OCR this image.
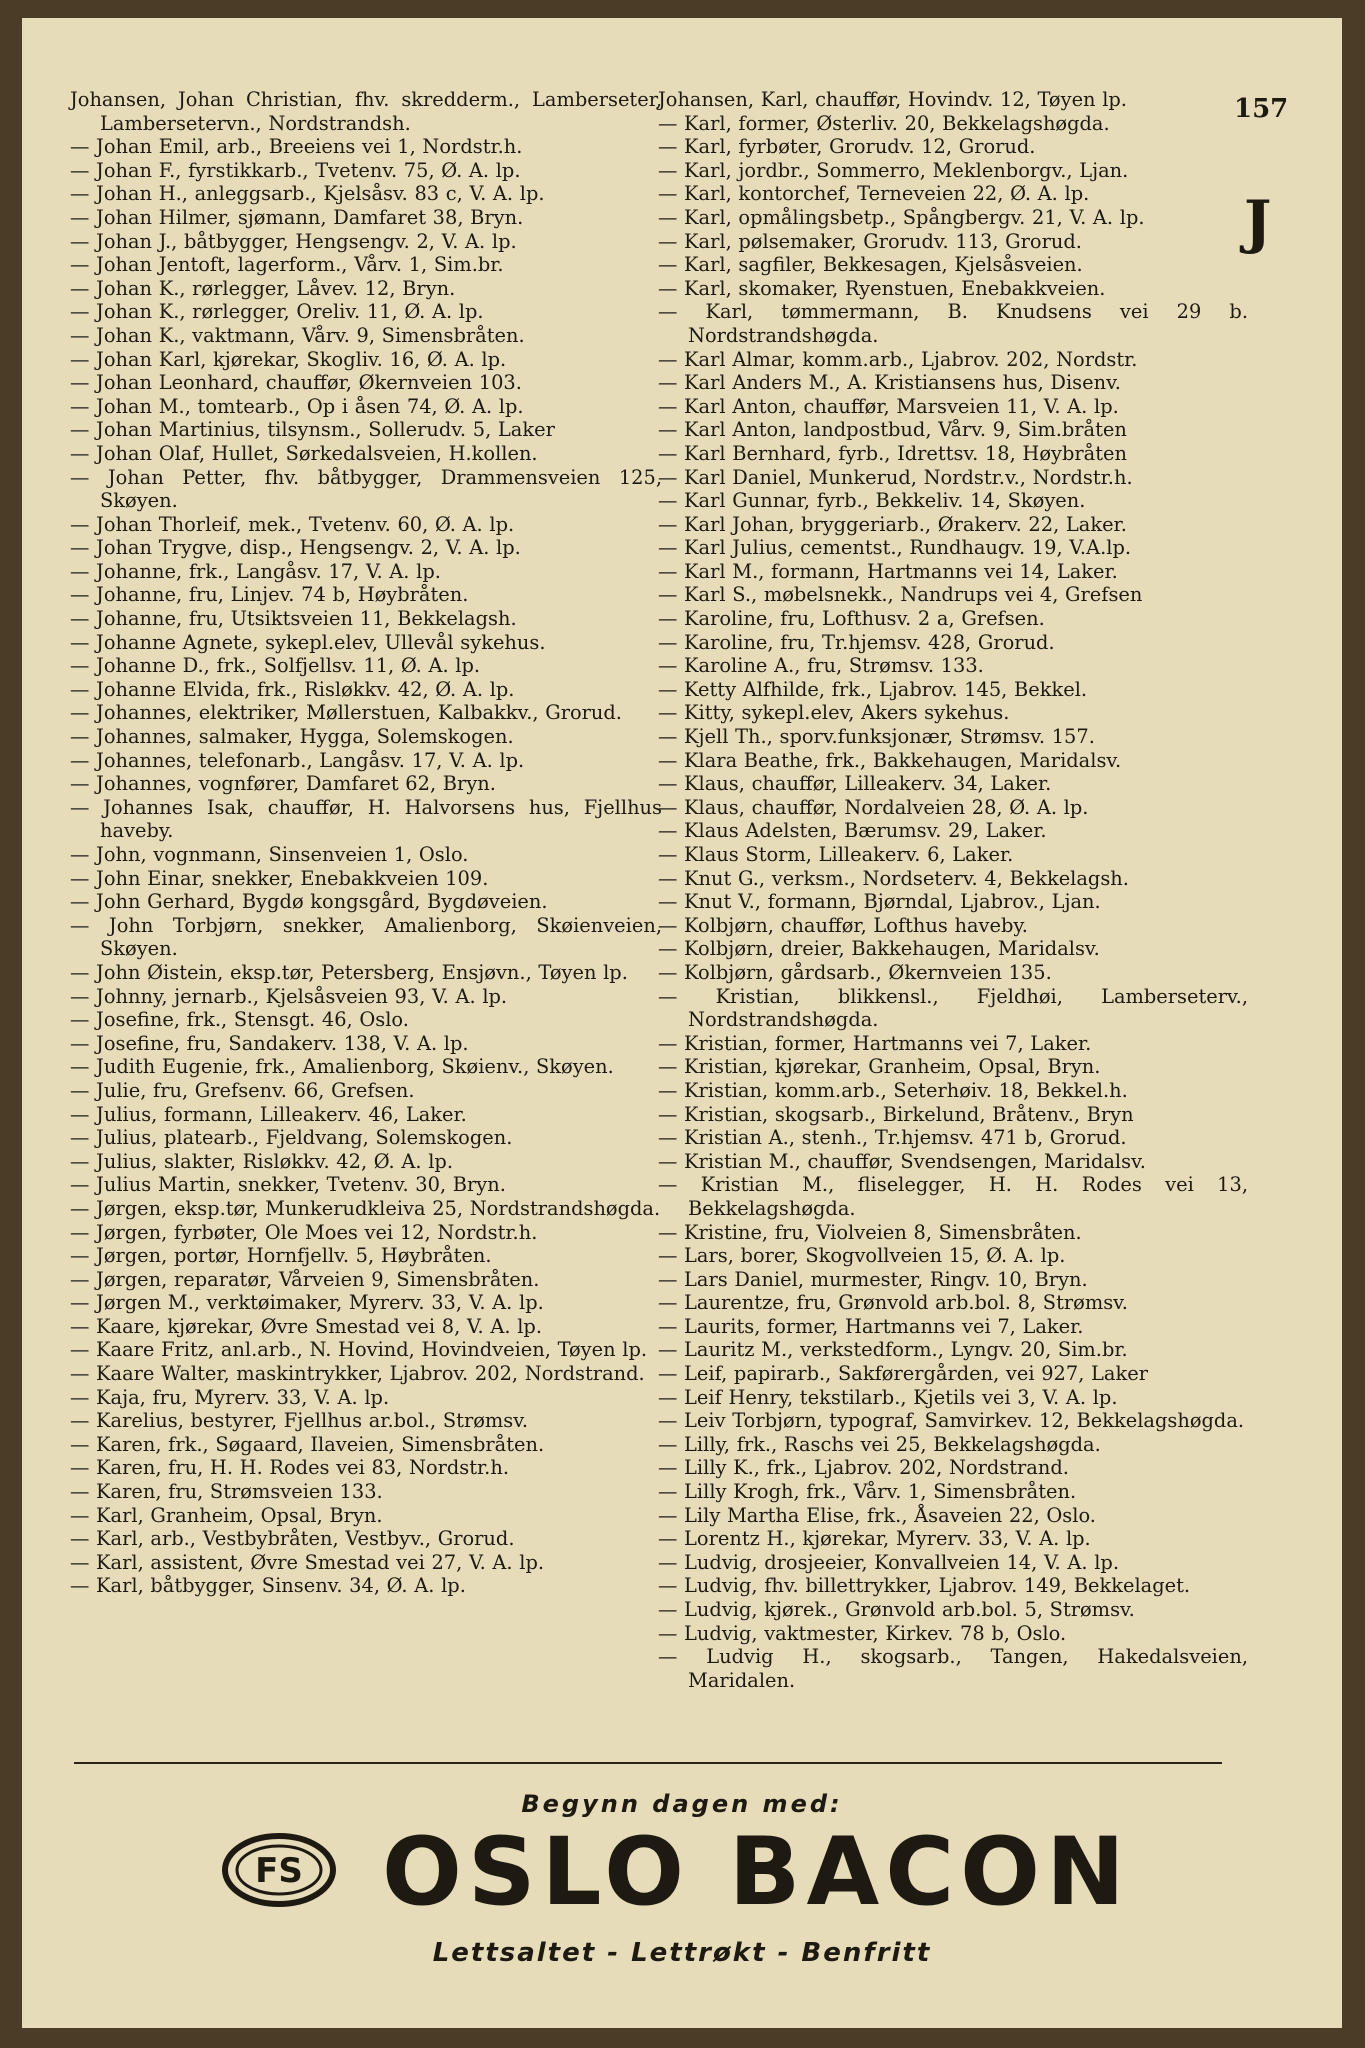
157
J
Johansen, Johan Christian, fhv. skredderm., Lamberseter, Lambersetervn., Nordstrandsh.
— Johan Emil, arb., Breeiens vei 1, Nordstr.h.
— Johan F., fyrstikkarb., Tvetenv. 75, Ø. A. lp.
— Johan H., anleggsarb., Kjelsåsv. 83 c, V. A. lp.
— Johan Hilmer, sjømann, Damfaret 38, Bryn.
— Johan J., båtbygger, Hengsengv. 2, V. A. lp.
— Johan Jentoft, lagerform., Vårv. 1, Sim.br.
— Johan K., rørlegger, Låvev. 12, Bryn.
— Johan K., rørlegger, Oreliv. 11, Ø. A. lp.
— Johan K., vaktmann, Vårv. 9, Simensbråten.
— Johan Karl, kjørekar, Skogliv. 16, Ø. A. lp.
— Johan Leonhard, chauffør, Økernveien 103.
— Johan M., tomtearb., Op i åsen 74, Ø. A. lp.
— Johan Martinius, tilsynsm., Sollerudv. 5, Laker
— Johan Olaf, Hullet, Sørkedalsveien, H.kollen.
— Johan Petter, fhv. båtbygger, Drammensveien 125, Skøyen.
— Johan Thorleif, mek., Tvetenv. 60, Ø. A. lp.
— Johan Trygve, disp., Hengsengv. 2, V. A. lp.
— Johanne, frk., Langåsv. 17, V. A. lp.
— Johanne, fru, Linjev. 74 b, Høybråten.
— Johanne, fru, Utsiktsveien 11, Bekkelagsh.
— Johanne Agnete, sykepl.elev, Ullevål sykehus.
— Johanne D., frk., Solfjellsv. 11, Ø. A. lp.
— Johanne Elvida, frk., Risløkkv. 42, Ø. A. lp.
— Johannes, elektriker, Møllerstuen, Kalbakkv., Grorud.
— Johannes, salmaker, Hygga, Solemskogen.
— Johannes, telefonarb., Langåsv. 17, V. A. lp.
— Johannes, vognfører, Damfaret 62, Bryn.
— Johannes Isak, chauffør, H. Halvorsens hus, Fjellhus haveby.
— John, vognmann, Sinsenveien 1, Oslo.
— John Einar, snekker, Enebakkveien 109.
— John Gerhard, Bygdø kongsgård, Bygdøveien.
— John Torbjørn, snekker, Amalienborg, Skøienveien, Skøyen.
— John Øistein, eksp.tør, Petersberg, Ensjøvn., Tøyen lp.
— Johnny, jernarb., Kjelsåsveien 93, V. A. lp.
— Josefine, frk., Stensgt. 46, Oslo.
— Josefine, fru, Sandakerv. 138, V. A. lp.
— Judith Eugenie, frk., Amalienborg, Skøienv., Skøyen.
— Julie, fru, Grefsenv. 66, Grefsen.
— Julius, formann, Lilleakerv. 46, Laker.
— Julius, platearb., Fjeldvang, Solemskogen.
— Julius, slakter, Risløkkv. 42, Ø. A. lp.
— Julius Martin, snekker, Tvetenv. 30, Bryn.
— Jørgen, eksp.tør, Munkerudkleiva 25, Nordstrandshøgda.
— Jørgen, fyrbøter, Ole Moes vei 12, Nordstr.h.
— Jørgen, portør, Hornfjellv. 5, Høybråten.
— Jørgen, reparatør, Vårveien 9, Simensbråten.
— Jørgen M., verktøimaker, Myrerv. 33, V. A. lp.
— Kaare, kjørekar, Øvre Smestad vei 8, V. A. lp.
— Kaare Fritz, anl.arb., N. Hovind, Hovindveien, Tøyen lp.
— Kaare Walter, maskintrykker, Ljabrov. 202, Nordstrand.
— Kaja, fru, Myrerv. 33, V. A. lp.
— Karelius, bestyrer, Fjellhus ar.bol., Strømsv.
— Karen, frk., Søgaard, Ilaveien, Simensbråten.
— Karen, fru, H. H. Rodes vei 83, Nordstr.h.
— Karen, fru, Strømsveien 133.
— Karl, Granheim, Opsal, Bryn.
— Karl, arb., Vestbybråten, Vestbyv., Grorud.
— Karl, assistent, Øvre Smestad vei 27, V. A. lp.
— Karl, båtbygger, Sinsenv. 34, Ø. A. lp.
Johansen, Karl, chauffør, Hovindv. 12, Tøyen lp.
— Karl, former, Østerliv. 20, Bekkelagshøgda.
— Karl, fyrbøter, Grorudv. 12, Grorud.
— Karl, jordbr., Sommerro, Meklenborgv., Ljan.
— Karl, kontorchef, Terneveien 22, Ø. A. lp.
— Karl, opmålingsbetp., Spångbergv. 21, V. A. lp.
— Karl, pølsemaker, Grorudv. 113, Grorud.
— Karl, sagfiler, Bekkesagen, Kjelsåsveien.
— Karl, skomaker, Ryenstuen, Enebakkveien.
— Karl, tømmermann, B. Knudsens vei 29 b. Nordstrandshøgda.
— Karl Almar, komm.arb., Ljabrov. 202, Nordstr.
— Karl Anders M., A. Kristiansens hus, Disenv.
— Karl Anton, chauffør, Marsveien 11, V. A. lp.
— Karl Anton, landpostbud, Vårv. 9, Sim.bråten
— Karl Bernhard, fyrb., Idrettsv. 18, Høybråten
— Karl Daniel, Munkerud, Nordstr.v., Nordstr.h.
— Karl Gunnar, fyrb., Bekkeliv. 14, Skøyen.
— Karl Johan, bryggeriarb., Ørakerv. 22, Laker.
— Karl Julius, cementst., Rundhaugv. 19, V.A.lp.
— Karl M., formann, Hartmanns vei 14, Laker.
— Karl S., møbelsnekk., Nandrups vei 4, Grefsen
— Karoline, fru, Lofthusv. 2 a, Grefsen.
— Karoline, fru, Tr.hjemsv. 428, Grorud.
— Karoline A., fru, Strømsv. 133.
— Ketty Alfhilde, frk., Ljabrov. 145, Bekkel.
— Kitty, sykepl.elev, Akers sykehus.
— Kjell Th., sporv.funksjonær, Strømsv. 157.
— Klara Beathe, frk., Bakkehaugen, Maridalsv.
— Klaus, chauffør, Lilleakerv. 34, Laker.
— Klaus, chauffør, Nordalveien 28, Ø. A. lp.
— Klaus Adelsten, Bærumsv. 29, Laker.
— Klaus Storm, Lilleakerv. 6, Laker.
— Knut G., verksm., Nordseterv. 4, Bekkelagsh.
— Knut V., formann, Bjørndal, Ljabrov., Ljan.
— Kolbjørn, chauffør, Lofthus haveby.
— Kolbjørn, dreier, Bakkehaugen, Maridalsv.
— Kolbjørn, gårdsarb., Økernveien 135.
— Kristian, blikkensl., Fjeldhøi, Lamberseterv., Nordstrandshøgda.
— Kristian, former, Hartmanns vei 7, Laker.
— Kristian, kjørekar, Granheim, Opsal, Bryn.
— Kristian, komm.arb., Seterhøiv. 18, Bekkel.h.
— Kristian, skogsarb., Birkelund, Bråtenv., Bryn
— Kristian A., stenh., Tr.hjemsv. 471 b, Grorud.
— Kristian M., chauffør, Svendsengen, Maridalsv.
— Kristian M., fliselegger, H. H. Rodes vei 13, Bekkelagshøgda.
— Kristine, fru, Violveien 8, Simensbråten.
— Lars, borer, Skogvollveien 15, Ø. A. lp.
— Lars Daniel, murmester, Ringv. 10, Bryn.
— Laurentze, fru, Grønvold arb.bol. 8, Strømsv.
— Laurits, former, Hartmanns vei 7, Laker.
— Lauritz M., verkstedform., Lyngv. 20, Sim.br.
— Leif, papirarb., Sakførergården, vei 927, Laker
— Leif Henry, tekstilarb., Kjetils vei 3, V. A. lp.
— Leiv Torbjørn, typograf, Samvirkev. 12, Bekkelagshøgda.
— Lilly, frk., Raschs vei 25, Bekkelagshøgda.
— Lilly K., frk., Ljabrov. 202, Nordstrand.
— Lilly Krogh, frk., Vårv. 1, Simensbråten.
— Lily Martha Elise, frk., Åsaveien 22, Oslo.
— Lorentz H., kjørekar, Myrerv. 33, V. A. lp.
— Ludvig, drosjeeier, Konvallveien 14, V. A. lp.
— Ludvig, fhv. billettrykker, Ljabrov. 149, Bekkelaget.
— Ludvig, kjørek., Grønvold arb.bol. 5, Strømsv.
— Ludvig, vaktmester, Kirkev. 78 b, Oslo.
— Ludvig H., skogsarb., Tangen, Hakedalsveien, Maridalen.
Begynn dagen med:
FS OSLO BACON
Lettsaltet - Lettrøkt - Benfritt
